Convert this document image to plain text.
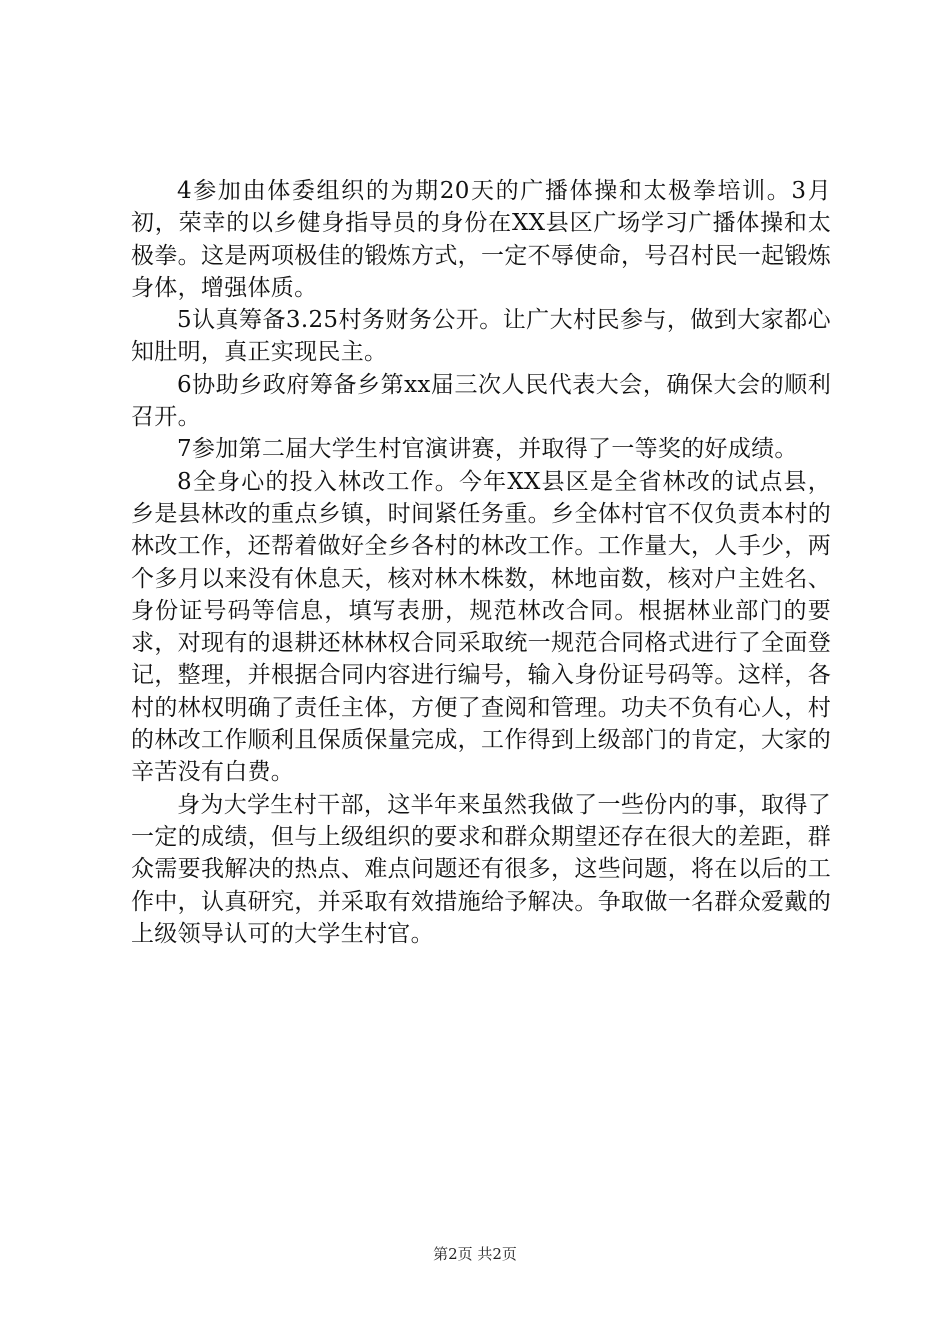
4参加由体委组织的为期20天的广播体操和太极拳培训。3月初，荣幸的以乡健身指导员的身份在XX县区广场学习广播体操和太极拳。这是两项极佳的锻炼方式，一定不辱使命，号召村民一起锻炼身体，增强体质。

5认真筹备3.25村务财务公开。让广大村民参与，做到大家都心知肚明，真正实现民主。

6协助乡政府筹备乡第xx届三次人民代表大会，确保大会的顺利召开。

7参加第二届大学生村官演讲赛，并取得了一等奖的好成绩。

8全身心的投入林改工作。今年XX县区是全省林改的试点县，乡是县林改的重点乡镇，时间紧任务重。乡全体村官不仅负责本村的林改工作，还帮着做好全乡各村的林改工作。工作量大，人手少，两个多月以来没有休息天，核对林木株数，林地亩数，核对户主姓名、身份证号码等信息，填写表册，规范林改合同。根据林业部门的要求，对现有的退耕还林林权合同采取统一规范合同格式进行了全面登记，整理，并根据合同内容进行编号，输入身份证号码等。这样，各村的林权明确了责任主体，方便了查阅和管理。功夫不负有心人，村的林改工作顺利且保质保量完成，工作得到上级部门的肯定，大家的辛苦没有白费。

身为大学生村干部，这半年来虽然我做了一些份内的事，取得了一定的成绩，但与上级组织的要求和群众期望还存在很大的差距，群众需要我解决的热点、难点问题还有很多，这些问题，将在以后的工作中，认真研究，并采取有效措施给予解决。争取做一名群众爱戴的上级领导认可的大学生村官。

第2页 共2页
